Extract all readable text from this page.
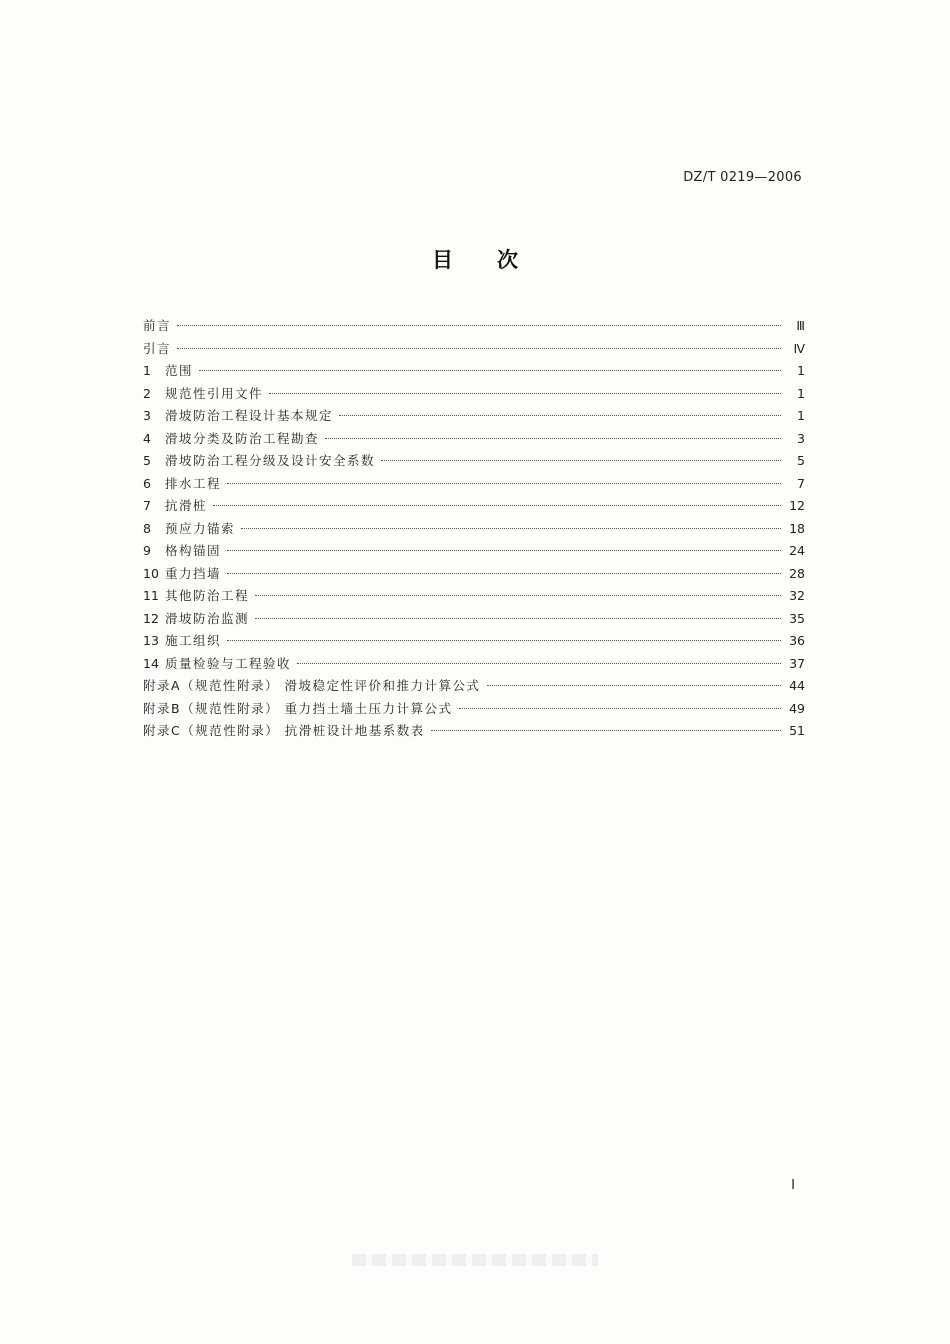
DZ/T 0219—2006
目次
前言	Ⅲ
引言	Ⅳ
1	范围	1
2	规范性引用文件	1
3	滑坡防治工程设计基本规定	1
4	滑坡分类及防治工程勘查	3
5	滑坡防治工程分级及设计安全系数	5
6	排水工程	7
7	抗滑桩	12
8	预应力锚索	18
9	格构锚固	24
10 重力挡墙	28
11 其他防治工程	32
12 滑坡防治监测	35
13 施工组织	36
14 质量检验与工程验收	37
附录A（规范性附录） 滑坡稳定性评价和推力计算公式	44
附录B（规范性附录） 重力挡土墙土压力计算公式	49
附录C（规范性附录） 抗滑桩设计地基系数表	51
Ⅰ
